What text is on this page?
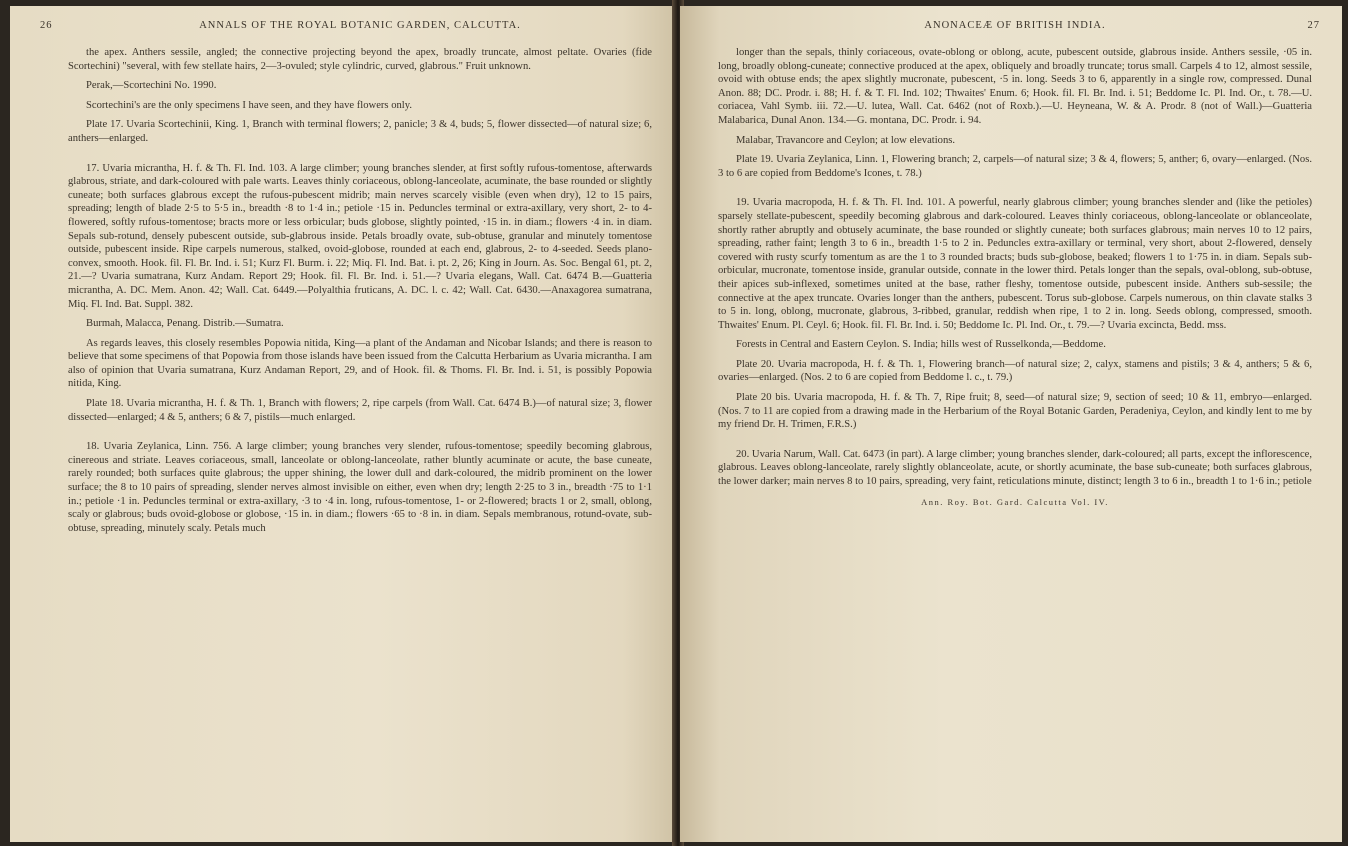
26	ANNALS OF THE ROYAL BOTANIC GARDEN, CALCUTTA.

the apex. Anthers sessile, angled; the connective projecting beyond the apex, broadly truncate, almost peltate. Ovaries (fide Scortechini) "several, with few stellate hairs, 2—3-ovuled; style cylindric, curved, glabrous." Fruit unknown.

Perak,—Scortechini No. 1990.

Scortechini's are the only specimens I have seen, and they have flowers only.

Plate 17. Uvaria Scortechinii, King. 1, Branch with terminal flowers; 2, panicle; 3 & 4, buds; 5, flower dissected—of natural size; 6, anthers—enlarged.

17. Uvaria micrantha, H. f. & Th. Fl. Ind. 103. A large climber; young branches slender, at first softly rufous-tomentose, afterwards glabrous, striate, and dark-coloured with pale warts. Leaves thinly coriaceous, oblong-lanceolate, acuminate, the base rounded or slightly cuneate; both surfaces glabrous except the rufous-pubescent midrib; main nerves scarcely visible (even when dry), 12 to 15 pairs, spreading; length of blade 2·5 to 5·5 in., breadth ·8 to 1·4 in.; petiole ·15 in. Peduncles terminal or extra-axillary, very short, 2- to 4- flowered, softly rufous-tomentose; bracts more or less orbicular; buds globose, slightly pointed, ·15 in. in diam.; flowers ·4 in. in diam. Sepals sub-rotund, densely pubescent outside, sub-glabrous inside. Petals broadly ovate, sub-obtuse, granular and minutely tomentose outside, pubescent inside. Ripe carpels numerous, stalked, ovoid-globose, rounded at each end, glabrous, 2- to 4-seeded. Seeds plano-convex, smooth. Hook. fil. Fl. Br. Ind. i. 51; Kurz Fl. Burm. i. 22; Miq. Fl. Ind. Bat. i. pt. 2, 26; King in Journ. As. Soc. Bengal 61, pt. 2, 21.—? Uvaria sumatrana, Kurz Andam. Report 29; Hook. fil. Fl. Br. Ind. i. 51.—? Uvaria elegans, Wall. Cat. 6474 B.—Guatteria micrantha, A. DC. Mem. Anon. 42; Wall. Cat. 6449.—Polyalthia fruticans, A. DC. l. c. 42; Wall. Cat. 6430.—Anaxagorea sumatrana, Miq. Fl. Ind. Bat. Suppl. 382.

Burmah, Malacca, Penang. Distrib.—Sumatra.

As regards leaves, this closely resembles Popowia nitida, King—a plant of the Andaman and Nicobar Islands; and there is reason to believe that some specimens of that Popowia from those islands have been issued from the Calcutta Herbarium as Uvaria micrantha. I am also of opinion that Uvaria sumatrana, Kurz Andaman Report, 29, and of Hook. fil. & Thoms. Fl. Br. Ind. i. 51, is possibly Popowia nitida, King.

Plate 18. Uvaria micrantha, H. f. & Th. 1, Branch with flowers; 2, ripe carpels (from Wall. Cat. 6474 B.)—of natural size; 3, flower dissected—enlarged; 4 & 5, anthers; 6 & 7, pistils—much enlarged.

18. Uvaria Zeylanica, Linn. 756. A large climber; young branches very slender, rufous-tomentose; speedily becoming glabrous, cinereous and striate. Leaves coriaceous, small, lanceolate or oblong-lanceolate, rather bluntly acuminate or acute, the base cuneate, rarely rounded; both surfaces quite glabrous; the upper shining, the lower dull and dark-coloured, the midrib prominent on the lower surface; the 8 to 10 pairs of spreading, slender nerves almost invisible on either, even when dry; length 2·25 to 3 in., breadth ·75 to 1·1 in.; petiole ·1 in. Peduncles terminal or extra-axillary, ·3 to ·4 in. long, rufous-tomentose, 1- or 2-flowered; bracts 1 or 2, small, oblong, scaly or glabrous; buds ovoid-globose or globose, ·15 in. in diam.; flowers ·65 to ·8 in. in diam. Sepals membranous, rotund-ovate, sub-obtuse, spreading, minutely scaly. Petals much

ANONACEÆ OF BRITISH INDIA.	27

longer than the sepals, thinly coriaceous, ovate-oblong or oblong, acute, pubescent outside, glabrous inside. Anthers sessile, ·05 in. long, broadly oblong-cuneate; connective produced at the apex, obliquely and broadly truncate; torus small. Carpels 4 to 12, almost sessile, ovoid with obtuse ends; the apex slightly mucronate, pubescent, ·5 in. long. Seeds 3 to 6, apparently in a single row, compressed. Dunal Anon. 88; DC. Prodr. i. 88; H. f. & T. Fl. Ind. 102; Thwaites' Enum. 6; Hook. fil. Fl. Br. Ind. i. 51; Beddome Ic. Pl. Ind. Or., t. 78.—U. coriacea, Vahl Symb. iii. 72.—U. lutea, Wall. Cat. 6462 (not of Roxb.).—U. Heyneana, W. & A. Prodr. 8 (not of Wall.)—Guatteria Malabarica, Dunal Anon. 134.—G. montana, DC. Prodr. i. 94.

Malabar, Travancore and Ceylon; at low elevations.

Plate 19. Uvaria Zeylanica, Linn. 1, Flowering branch; 2, carpels—of natural size; 3 & 4, flowers; 5, anther; 6, ovary—enlarged. (Nos. 3 to 6 are copied from Beddome's Icones, t. 78.)

19. Uvaria macropoda, H. f. & Th. Fl. Ind. 101. A powerful, nearly glabrous climber; young branches slender and (like the petioles) sparsely stellate-pubescent, speedily becoming glabrous and dark-coloured. Leaves thinly coriaceous, oblong-lanceolate or oblanceolate, shortly rather abruptly and obtusely acuminate, the base rounded or slightly cuneate; both surfaces glabrous; main nerves 10 to 12 pairs, spreading, rather faint; length 3 to 6 in., breadth 1·5 to 2 in. Peduncles extra-axillary or terminal, very short, about 2-flowered, densely covered with rusty scurfy tomentum as are the 1 to 3 rounded bracts; buds sub-globose, beaked; flowers 1 to 1·75 in. in diam. Sepals sub-orbicular, mucronate, tomentose inside, granular outside, connate in the lower third. Petals longer than the sepals, oval-oblong, sub-obtuse, their apices sub-inflexed, sometimes united at the base, rather fleshy, tomentose outside, pubescent inside. Anthers sub-sessile; the connective at the apex truncate. Ovaries longer than the anthers, pubescent. Torus sub-globose. Carpels numerous, on thin clavate stalks 3 to 5 in. long, oblong, mucronate, glabrous, 3-ribbed, granular, reddish when ripe, 1 to 2 in. long. Seeds oblong, compressed, smooth. Thwaites' Enum. Pl. Ceyl. 6; Hook. fil. Fl. Br. Ind. i. 50; Beddome Ic. Pl. Ind. Or., t. 79.—? Uvaria excincta, Bedd. mss.

Forests in Central and Eastern Ceylon. S. India; hills west of Russelkonda,—Beddome.

Plate 20. Uvaria macropoda, H. f. & Th. 1, Flowering branch—of natural size; 2, calyx, stamens and pistils; 3 & 4, anthers; 5 & 6, ovaries—enlarged. (Nos. 2 to 6 are copied from Beddome l. c., t. 79.)

Plate 20 bis. Uvaria macropoda, H. f. & Th. 7, Ripe fruit; 8, seed—of natural size; 9, section of seed; 10 & 11, embryo—enlarged. (Nos. 7 to 11 are copied from a drawing made in the Herbarium of the Royal Botanic Garden, Peradeniya, Ceylon, and kindly lent to me by my friend Dr. H. Trimen, F.R.S.)

20. Uvaria Narum, Wall. Cat. 6473 (in part). A large climber; young branches slender, dark-coloured; all parts, except the inflorescence, glabrous. Leaves oblong-lanceolate, rarely slightly oblanceolate, acute, or shortly acuminate, the base sub-cuneate; both surfaces glabrous, the lower darker; main nerves 8 to 10 pairs, spreading, very faint, reticulations minute, distinct; length 3 to 6 in., breadth 1 to 1·6 in.; petiole

Ann. Roy. Bot. Gard. Calcutta Vol. IV.
